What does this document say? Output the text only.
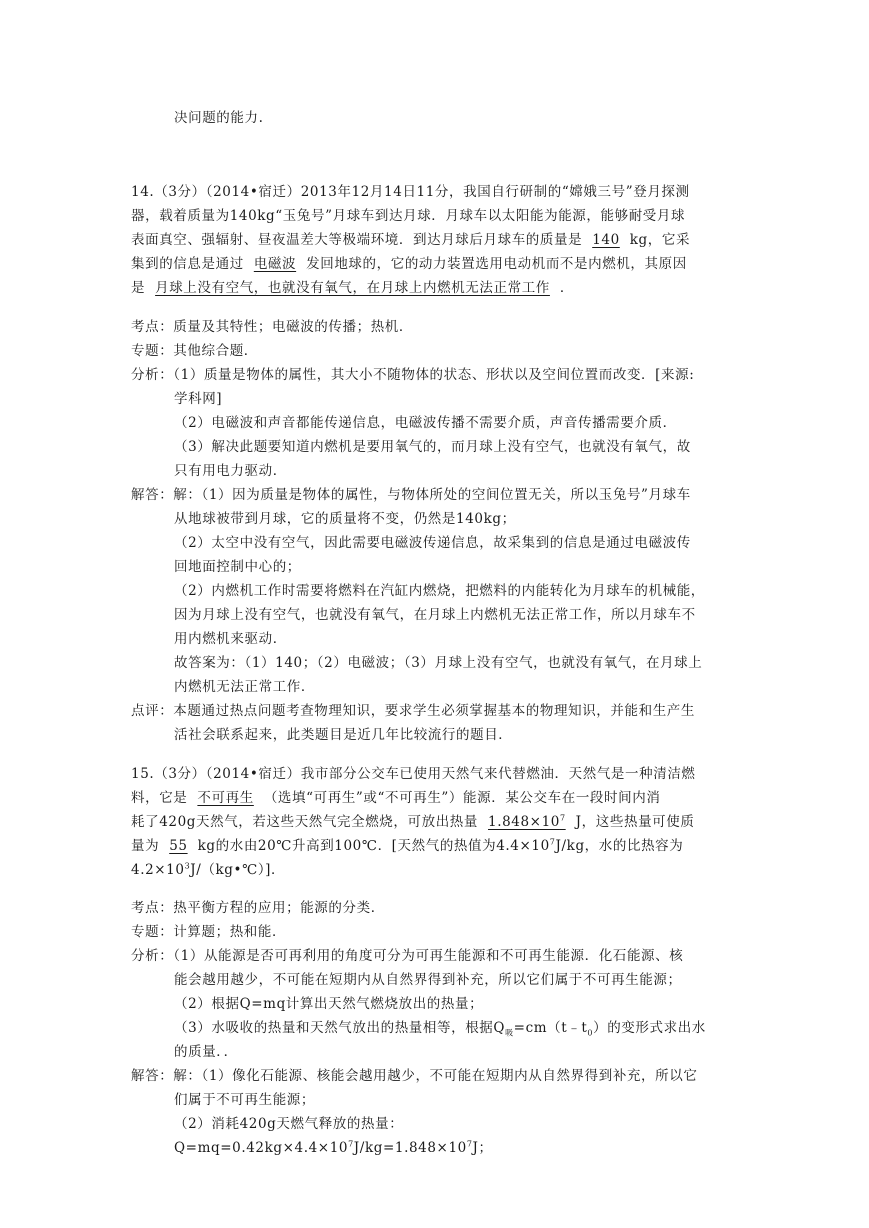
决问题的能力.
14.（3分）（2014•宿迁）2013年12月14日11分，我国自行研制的“嫦娥三号”登月探测
器，载着质量为140kg“玉兔号”月球车到达月球．月球车以太阳能为能源，能够耐受月球
表面真空、强辐射、昼夜温差大等极端环境．到达月球后月球车的质量是 140 kg，它采
集到的信息是通过 电磁波 发回地球的，它的动力装置选用电动机而不是内燃机，其原因
是 月球上没有空气，也就没有氧气，在月球上内燃机无法正常工作 ．
考点：质量及其特性；电磁波的传播；热机．
专题：其他综合题．
分析：（1）质量是物体的属性，其大小不随物体的状态、形状以及空间位置而改变．[来源:
学科网]
（2）电磁波和声音都能传递信息，电磁波传播不需要介质，声音传播需要介质．
（3）解决此题要知道内燃机是要用氧气的，而月球上没有空气，也就没有氧气，故
只有用电力驱动．
解答：解：（1）因为质量是物体的属性，与物体所处的空间位置无关，所以玉兔号”月球车
从地球被带到月球，它的质量将不变，仍然是140kg；
（2）太空中没有空气，因此需要电磁波传递信息，故采集到的信息是通过电磁波传
回地面控制中心的；
（2）内燃机工作时需要将燃料在汽缸内燃烧，把燃料的内能转化为月球车的机械能，
因为月球上没有空气，也就没有氧气，在月球上内燃机无法正常工作，所以月球车不
用内燃机来驱动．
故答案为：（1）140；（2）电磁波；（3）月球上没有空气，也就没有氧气，在月球上
内燃机无法正常工作．
点评：本题通过热点问题考查物理知识，要求学生必须掌握基本的物理知识，并能和生产生
活社会联系起来，此类题目是近几年比较流行的题目．
15.（3分）（2014•宿迁）我市部分公交车已使用天然气来代替燃油．天然气是一种清洁燃
料，它是 不可再生 （选填“可再生”或“不可再生”）能源．某公交车在一段时间内消
耗了420g天然气，若这些天然气完全燃烧，可放出热量 $1.848\times 10^7$ J，这些热量可使质
量为 55 kg的水由20℃升高到100℃．[天然气的热值为$4.4\times 10^7J/kg$，水的比热容为
$4.2\times 10^3J/(kg•℃)$]．
考点：热平衡方程的应用；能源的分类．
专题：计算题；热和能．
分析：（1）从能源是否可再利用的角度可分为可再生能源和不可再生能源．化石能源、核
能会越用越少，不可能在短期内从自然界得到补充，所以它们属于不可再生能源；
（2）根据Q=mq计算出天然气燃烧放出的热量；
（3）水吸收的热量和天然气放出的热量相等，根据$Q_吸=cm(t﹣t_0)$的变形式求出水
的质量．．
解答：解：（1）像化石能源、核能会越用越少，不可能在短期内从自然界得到补充，所以它
们属于不可再生能源；
（2）消耗420g天燃气释放的热量：
$Q=mq=0.42kg\times 4.4\times 10^7J/kg=1.848\times 10^7J$；
